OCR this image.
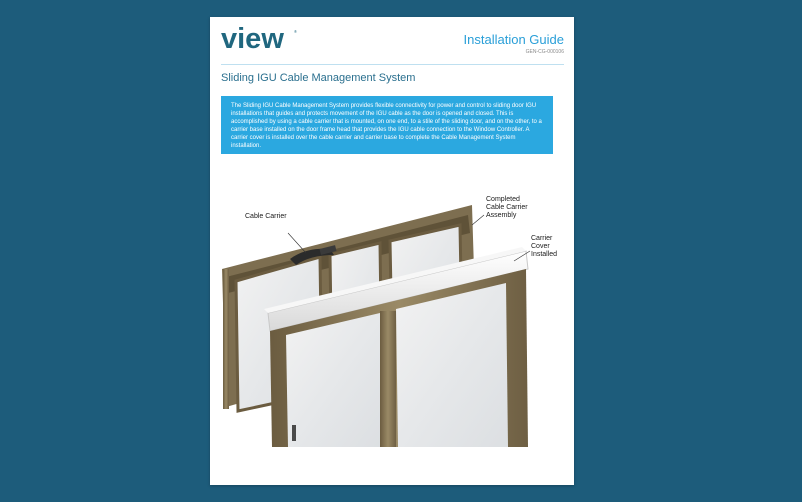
view	®
Installation Guide
GEN-CG-000106
Sliding IGU Cable Management System

The Sliding IGU Cable Management System provides flexible connectivity for power and control to sliding door IGU installations that guides and protects movement of the IGU cable as the door is opened and closed. This is accomplished by using a cable carrier that is mounted, on one end, to a stile of the sliding door, and on the other, to a carrier base installed on the door frame head that provides the IGU cable connection to the Window Controller. A carrier cover is installed over the cable carrier and carrier base to complete the Cable Management System installation.

Cable Carrier
Completed
Cable Carrier
Assembly
Carrier
Cover
Installed
